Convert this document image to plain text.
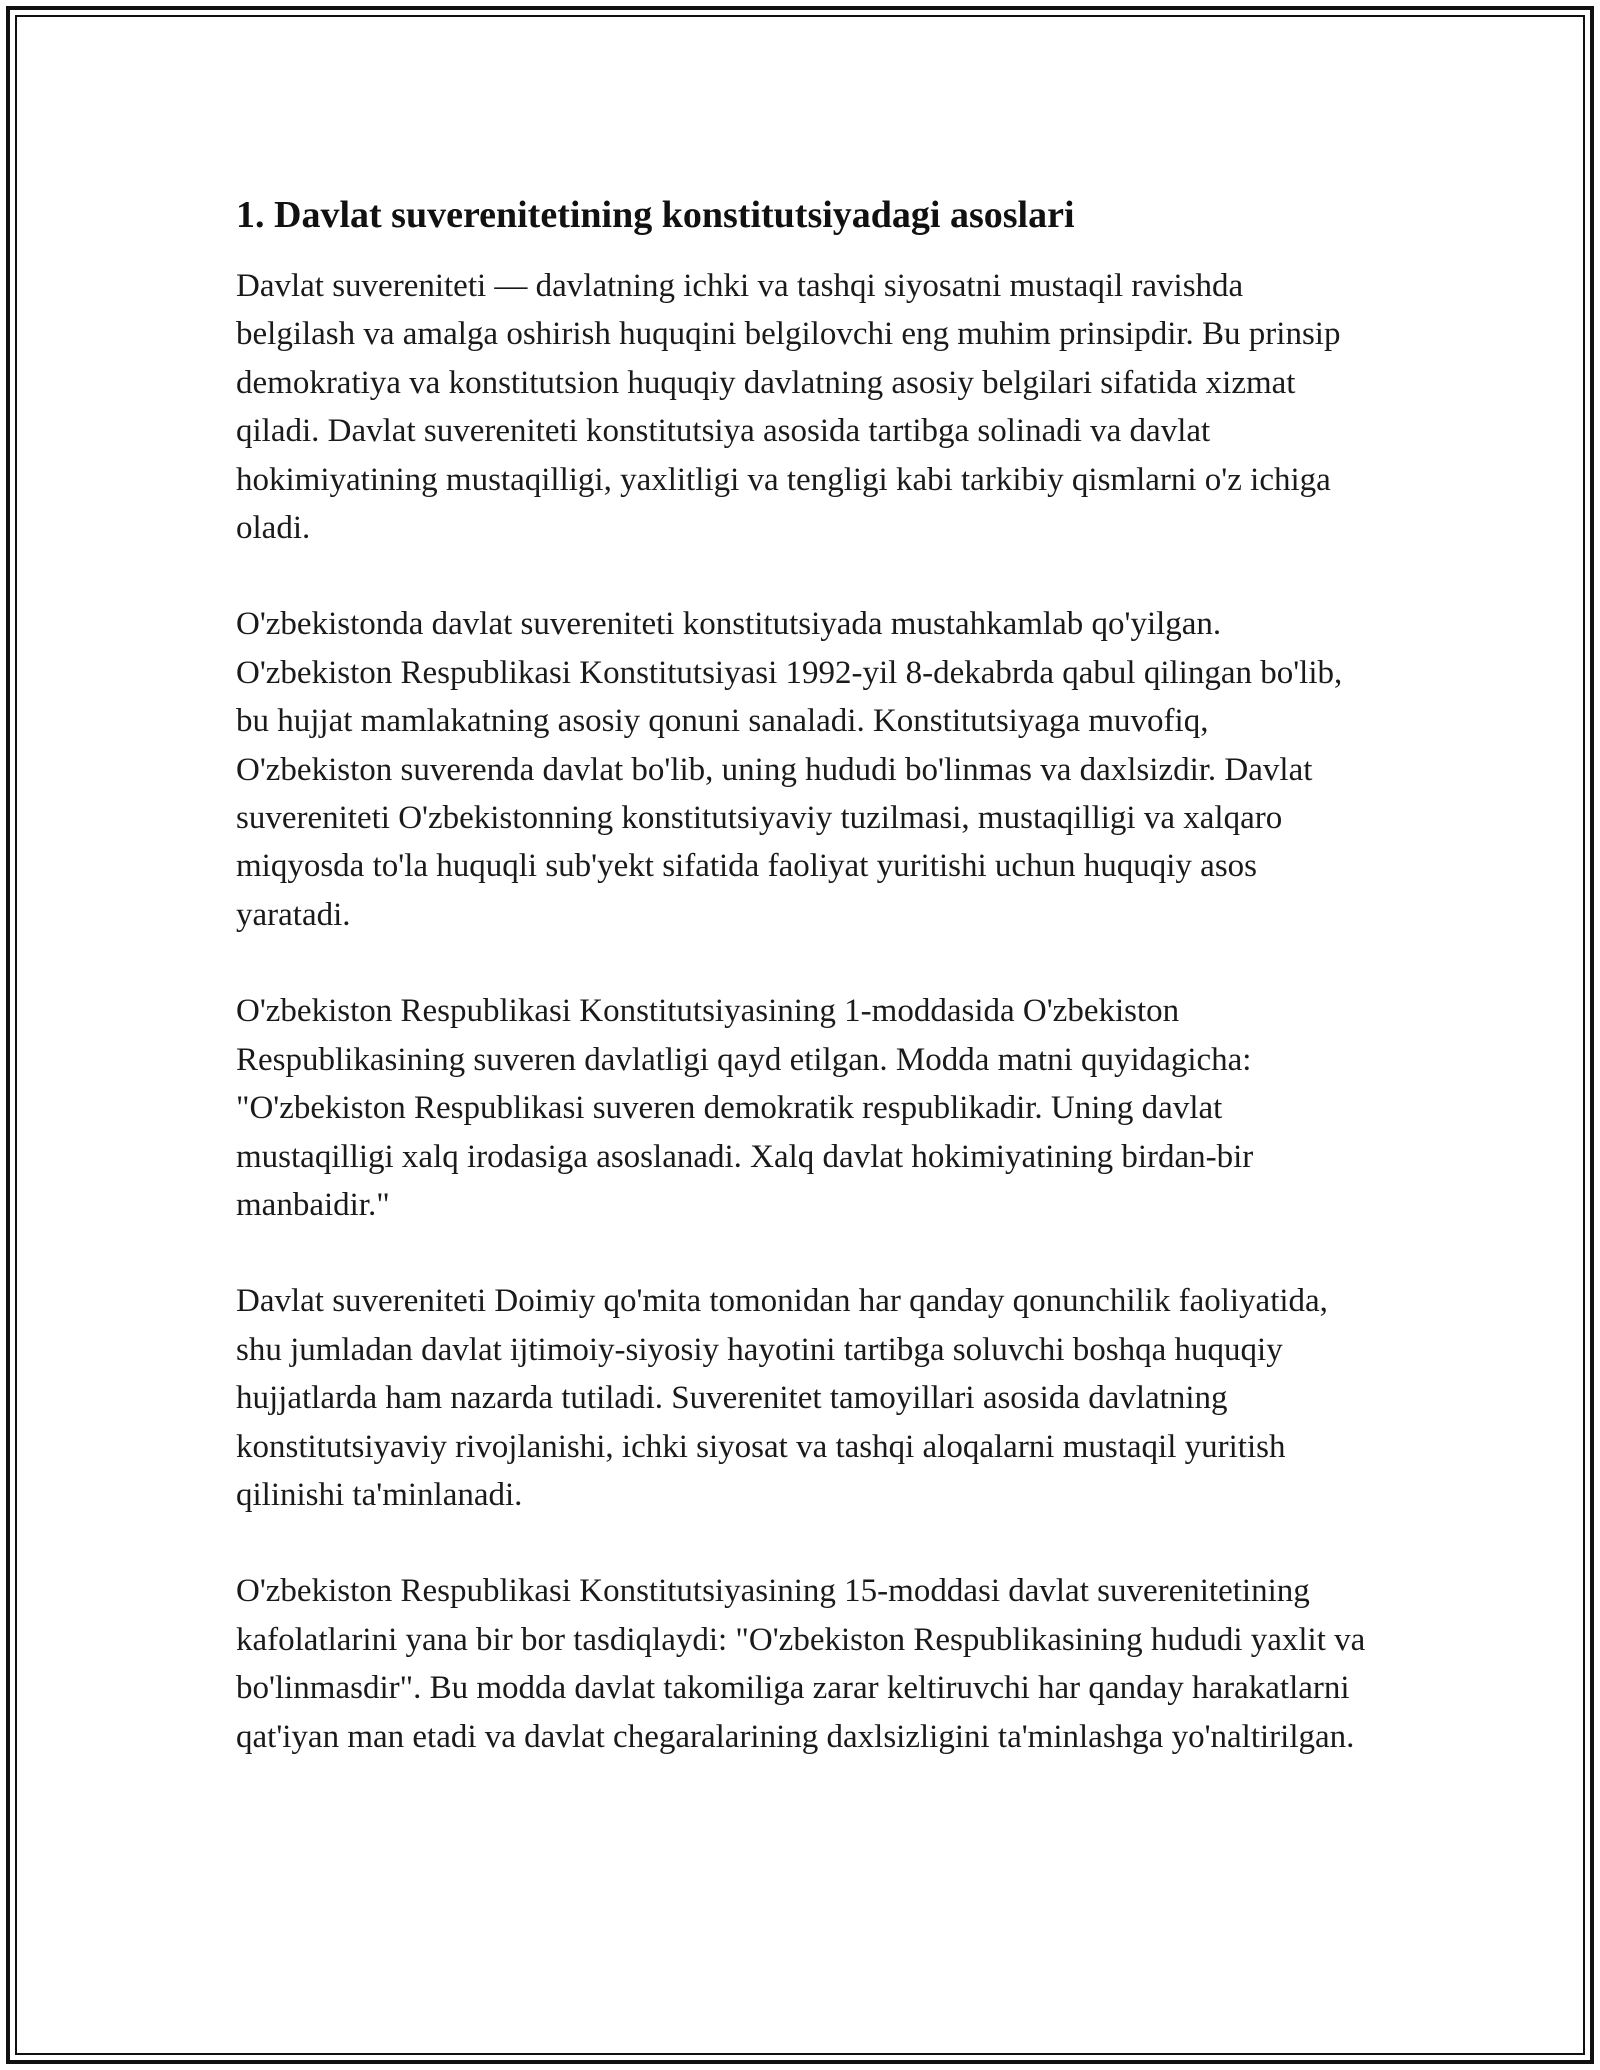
1. Davlat suverenitetining konstitutsiyadagi asoslari

Davlat suvereniteti — davlatning ichki va tashqi siyosatni mustaqil ravishda belgilash va amalga oshirish huquqini belgilovchi eng muhim prinsipdir. Bu prinsip demokratiya va konstitutsion huquqiy davlatning asosiy belgilari sifatida xizmat qiladi. Davlat suvereniteti konstitutsiya asosida tartibga solinadi va davlat hokimiyatining mustaqilligi, yaxlitligi va tengligi kabi tarkibiy qismlarni o'z ichiga oladi.

O'zbekistonda davlat suvereniteti konstitutsiyada mustahkamlab qo'yilgan. O'zbekiston Respublikasi Konstitutsiyasi 1992-yil 8-dekabrda qabul qilingan bo'lib, bu hujjat mamlakatning asosiy qonuni sanaladi. Konstitutsiyaga muvofiq, O'zbekiston suverenda davlat bo'lib, uning hududi bo'linmas va daxlsizdir. Davlat suvereniteti O'zbekistonning konstitutsiyaviy tuzilmasi, mustaqilligi va xalqaro miqyosda to'la huquqli sub'yekt sifatida faoliyat yuritishi uchun huquqiy asos yaratadi.

O'zbekiston Respublikasi Konstitutsiyasining 1-moddasida O'zbekiston Respublikasining suveren davlatligi qayd etilgan. Modda matni quyidagicha: "O'zbekiston Respublikasi suveren demokratik respublikadir. Uning davlat mustaqilligi xalq irodasiga asoslanadi. Xalq davlat hokimiyatining birdan-bir manbaidir."

Davlat suvereniteti Doimiy qo'mita tomonidan har qanday qonunchilik faoliyatida, shu jumladan davlat ijtimoiy-siyosiy hayotini tartibga soluvchi boshqa huquqiy hujjatlarda ham nazarda tutiladi. Suverenitet tamoyillari asosida davlatning konstitutsiyaviy rivojlanishi, ichki siyosat va tashqi aloqalarni mustaqil yuritish qilinishi ta'minlanadi.

O'zbekiston Respublikasi Konstitutsiyasining 15-moddasi davlat suverenitetining kafolatlarini yana bir bor tasdiqlaydi: "O'zbekiston Respublikasining hududi yaxlit va bo'linmasdir". Bu modda davlat takomiliga zarar keltiruvchi har qanday harakatlarni qat'iyan man etadi va davlat chegaralarining daxlsizligini ta'minlashga yo'naltirilgan.
